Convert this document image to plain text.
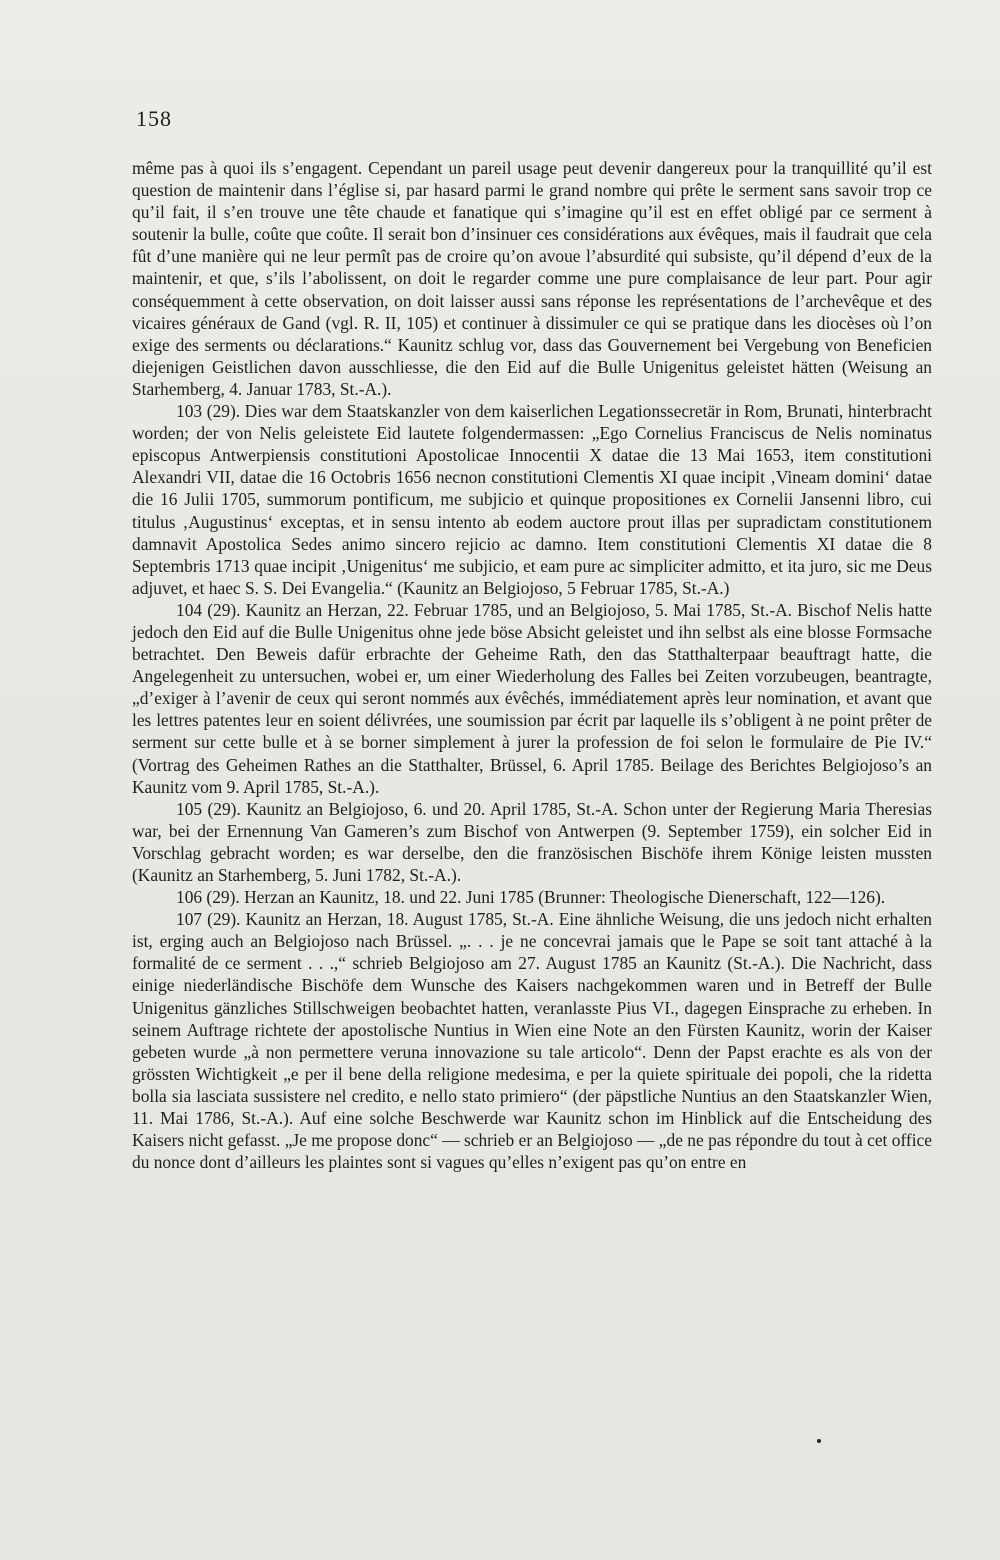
158

même pas à quoi ils s’engagent. Cependant un pareil usage peut devenir dangereux pour la tranquillité qu’il est question de maintenir dans l’église si, par hasard parmi le grand nombre qui prête le serment sans savoir trop ce qu’il fait, il s’en trouve une tête chaude et fanatique qui s’imagine qu’il est en effet obligé par ce serment à soutenir la bulle, coûte que coûte. Il serait bon d’insinuer ces considérations aux évêques, mais il faudrait que cela fût d’une manière qui ne leur permît pas de croire qu’on avoue l’absurdité qui subsiste, qu’il dépend d’eux de la maintenir, et que, s’ils l’abolissent, on doit le regarder comme une pure complaisance de leur part. Pour agir conséquemment à cette observation, on doit laisser aussi sans réponse les représentations de l’archevêque et des vicaires généraux de Gand (vgl. R. II, 105) et continuer à dissimuler ce qui se pratique dans les diocèses où l’on exige des serments ou déclarations.“ Kaunitz schlug vor, dass das Gouvernement bei Vergebung von Beneficien diejenigen Geistlichen davon ausschliesse, die den Eid auf die Bulle Unigenitus geleistet hätten (Weisung an Starhemberg, 4. Januar 1783, St.-A.).

103 (29). Dies war dem Staatskanzler von dem kaiserlichen Legationssecretär in Rom, Brunati, hinterbracht worden; der von Nelis geleistete Eid lautete folgendermassen: „Ego Cornelius Franciscus de Nelis nominatus episcopus Antwerpiensis constitutioni Apostolicae Innocentii X datae die 13 Mai 1653, item constitutioni Alexandri VII, datae die 16 Octobris 1656 necnon constitutioni Clementis XI quae incipit ‚Vineam domini‘ datae die 16 Julii 1705, summorum pontificum, me subjicio et quinque propositiones ex Cornelii Jansenni libro, cui titulus ‚Augustinus‘ exceptas, et in sensu intento ab eodem auctore prout illas per supradictam constitutionem damnavit Apostolica Sedes animo sincero rejicio ac damno. Item constitutioni Clementis XI datae die 8 Septembris 1713 quae incipit ‚Unigenitus‘ me subjicio, et eam pure ac simpliciter admitto, et ita juro, sic me Deus adjuvet, et haec S. S. Dei Evangelia.“ (Kaunitz an Belgiojoso, 5 Februar 1785, St.-A.)

104 (29). Kaunitz an Herzan, 22. Februar 1785, und an Belgiojoso, 5. Mai 1785, St.-A. Bischof Nelis hatte jedoch den Eid auf die Bulle Unigenitus ohne jede böse Absicht geleistet und ihn selbst als eine blosse Formsache betrachtet. Den Beweis dafür erbrachte der Geheime Rath, den das Statthalterpaar beauftragt hatte, die Angelegenheit zu untersuchen, wobei er, um einer Wiederholung des Falles bei Zeiten vorzubeugen, beantragte, „d’exiger à l’avenir de ceux qui seront nommés aux évêchés, immédiatement après leur nomination, et avant que les lettres patentes leur en soient délivrées, une soumission par écrit par laquelle ils s’obligent à ne point prêter de serment sur cette bulle et à se borner simplement à jurer la profession de foi selon le formulaire de Pie IV.“ (Vortrag des Geheimen Rathes an die Statthalter, Brüssel, 6. April 1785. Beilage des Berichtes Belgiojoso’s an Kaunitz vom 9. April 1785, St.-A.).

105 (29). Kaunitz an Belgiojoso, 6. und 20. April 1785, St.-A. Schon unter der Regierung Maria Theresias war, bei der Ernennung Van Gameren’s zum Bischof von Antwerpen (9. September 1759), ein solcher Eid in Vorschlag gebracht worden; es war derselbe, den die französischen Bischöfe ihrem Könige leisten mussten (Kaunitz an Starhemberg, 5. Juni 1782, St.-A.).

106 (29). Herzan an Kaunitz, 18. und 22. Juni 1785 (Brunner: Theologische Dienerschaft, 122—126).

107 (29). Kaunitz an Herzan, 18. August 1785, St.-A. Eine ähnliche Weisung, die uns jedoch nicht erhalten ist, erging auch an Belgiojoso nach Brüssel. „. . . je ne concevrai jamais que le Pape se soit tant attaché à la formalité de ce serment . . .,“ schrieb Belgiojoso am 27. August 1785 an Kaunitz (St.-A.). Die Nachricht, dass einige niederländische Bischöfe dem Wunsche des Kaisers nachgekommen waren und in Betreff der Bulle Unigenitus gänzliches Stillschweigen beobachtet hatten, veranlasste Pius VI., dagegen Einsprache zu erheben. In seinem Auftrage richtete der apostolische Nuntius in Wien eine Note an den Fürsten Kaunitz, worin der Kaiser gebeten wurde „à non permettere veruna innovazione su tale articolo“. Denn der Papst erachte es als von der grössten Wichtigkeit „e per il bene della religione medesima, e per la quiete spirituale dei popoli, che la ridetta bolla sia lasciata sussistere nel credito, e nello stato primiero“ (der päpstliche Nuntius an den Staatskanzler Wien, 11. Mai 1786, St.-A.). Auf eine solche Beschwerde war Kaunitz schon im Hinblick auf die Entscheidung des Kaisers nicht gefasst. „Je me propose donc“ — schrieb er an Belgiojoso — „de ne pas répondre du tout à cet office du nonce dont d’ailleurs les plaintes sont si vagues qu’elles n’exigent pas qu’on entre en
